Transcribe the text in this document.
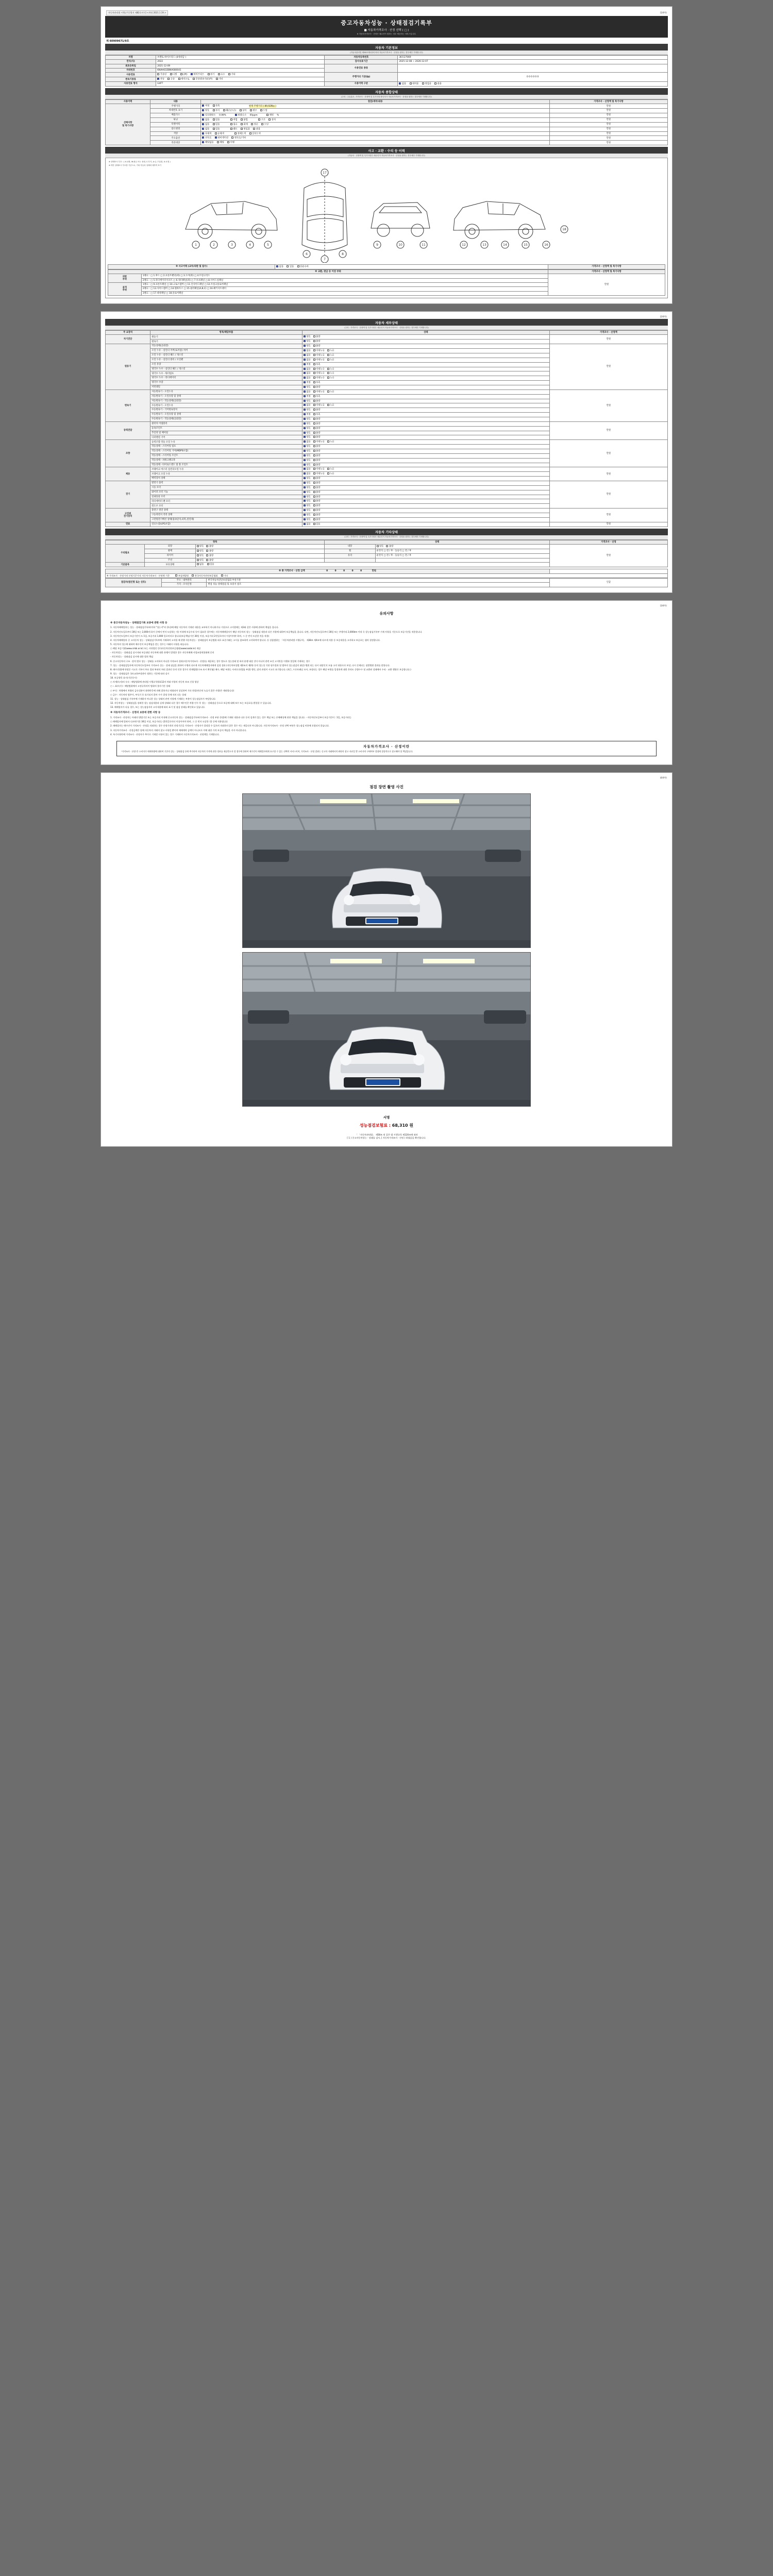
자동차관리법 시행규칙 [별지 제82호서식] <개정 2021.1.19.>	(1/4쪽)
중고자동차성능 · 상태점검기록부
■ 자동차가격조사 · 산정 선택 ( □ )
※ 자동차가격조사 · 산정은 매수인이 원하는 경우 제공하는 서비스입니다.
제 60909671/9호
자동차 기본정보
(자동차관리법 제58조제1항에 따라 자동차가격조사 · 산정을 원하는 경우에만 기재합니다)
차명	쏘렌토 하이브리드 (4세대급 )	자동차등록번호	36호27069
연식(식)	2022	검사유효기간	2025-12-08 ~ 2026-12-07
최초등록일	2021-12-09	사용연료 종류	
차대번호	KNAH61DBNA080041		
사용연료	가솔린 디젤 LPG ✓ 하이브리드 전기 수소 기타	주행거리 기준(㎞)	0 0 0 0 0 0
변속기종류	✓자동 수동 세미오토 무단변속기(CVT) 기타
사용연료 형식	G4FT	사용이력 구분	✓없음 대여용 영업용 관용
자동차 종합상태
(주의 : 주유홈은, 가격조사 · 산정액 및 특기사항 확인자가 자동차가격조사 · 산정을 원하는 경우에만 기재합니다)
사용이력	내용	점검(세부)내용	가격조사 · 산정액 및 특기사항
선택사항
및 특기사항	주행거리	✓적정 부족 현재 주행거리 ( 89,929㎞ )	만원
	차대번호 표기	✓양호 부식 훼손(오손) 상이 변조 도말	만원
	배출가스	✓일산화탄소 0.06% ✓ 탄화수소 05ppm 매연 %	만원
	튜닝	✓없음 있음 적법 불법 구조 장치	만원
	특별이력	✓없음 있음 침수 화재 전손 도난	만원
	용도변경	✓없음 있음 렌트 영업용 관용	만원
	색상	✓무채색 유채색 전체도색 일부도색	만원
	주요옵션	✓선루프 ✓ 내비게이션 썬루프/기타	만원
	리콜대상	✓해당없음 해당 이행	만원
사고 · 교환 · 수리 등 이력
(자동차 · 산정액 및 특기사항은 매수인이 자동차가격조사 · 산정을 원하는 경우에만 기재합니다)
※ 상태표시 부호 : ( X:교환, W:판금 또는 용접, C:부식, A:금, T:흠집, U:요철 )
※ 하단 상태표시 부호를 기준으로, 기타 자동차 상태에 대하여 표기
1	2	3	4	5
6
7
8
9	10	11	12	13	14	15	16
17
18
※ 사고이력 (교차/외판 및 침수)	✓없음	있음	단순수리	가격조사 · 산정액 및 특기사항
※ 교환, 판금 등 이상 부위		가격조사 · 산정액 및 특기사항
외판
부위	1랭크 : □ 1.후드 □ 2.프론트팬더(좌) □ 3.도어(좌) □ 4.트렁크리드	만원
	2랭크 : □ 5.라디에이터서포트 □ 6.쿼터패널(좌) □ 7.루프패널 □ 8.사이드실패널	
골격
부위	1랭크 : □ 9.프론트패널 □ 10.크로스멤버 □ 11.인사이드패널 □ 12.트렁크플로어패널	
	2랭크 : □ 13.사이드멤버 □ 14.휠하우스 □ 15.필러패널(A,B,C) □ 16.패키지트레이	
	3랭크 : □ 17.대쉬패널 □ 18.플로어패널	
(2/4쪽)
자동차 세부상태
(주의 : 가격조사 · 산정액 및 특기사항은 매수인이 자동차가격조사 · 산정을 원하는 경우에만 기재합니다)
주 요장치	항목/해당부품	상태	가격조사 · 산정액
자기진단	원동기	✓양호 불량	만원
	변속기	✓양호 불량
원동기	작동상태(공회전)	✓양호 불량	만원
	오일 누유 - 실린더 커버(로커암) 커버	✓없음 미세누유 누유
	오일 누유 - 실린더 헤드 / 개스킷	✓없음 미세누유 누유
	오일 누유 - 실린더 블록 / 오일팬	✓없음 미세누유 누유
	오일 유량	✓적정 부족
	냉각수 누수 - 실린더 헤드 / 개스킷	✓없음 미세누수 누수
	냉각수 누수 - 워터펌프	✓없음 미세누수 누수
	냉각수 누수 - 라디에이터	✓없음 미세누수 누수
	냉각수 수량	✓적정 부족
	커먼레일	✓양호 불량
변속기	자동변속기 - 오일누유	✓없음 미세누유 누유	만원
	자동변속기 - 오일유량 및 상태	✓적정 부족
	자동변속기 - 작동상태(공회전)	✓양호 불량
	수동변속기 - 오일누유	✓없음 미세누유 누유
	수동변속기 - 기어변속장치	✓양호 불량
	수동변속기 - 오일유량 및 상태	✓적정 부족
	수동변속기 - 작동상태(공회전)	✓양호 불량
동력전달	클러치 어셈블리	✓양호 불량	만원
	등속조인트	✓양호 불량
	추진축 및 베어링	✓양호 불량
	디퍼렌셜 기어	✓양호 불량
조향	동력조향 작동 오일 누유	✓없음 미세누유 누유	만원
	작동상태 - 스티어링 펌프	✓양호 불량
	작동상태 - 스티어링 기어(MDPS포함)	✓양호 불량
	작동상태 - 스티어링 조인트	✓양호 불량
	작동상태 - 파워크랭크축	✓양호 불량
	작동상태 - 타이로드엔드 및 볼 조인트	✓양호 불량
제동	브레이크 마스터 실린더오일 누유	✓없음 미세누유 누유	만원
	브레이크 오일 누유	✓없음 미세누유 누유
	배력장치 상태	✓양호 불량
전기	발전기 출력	✓양호 불량	만원
	시동 모터	✓양호 불량
	와이퍼 모터 기능	✓양호 불량
	실내송풍 모터	✓양호 불량
	라디에이터 팬 모터	✓양호 불량
	윈도우 모터	✓양호 불량
고전원
전기장치	충전구 절연 상태	✓양호 불량	만원
	구동축전지 격리 상태	✓양호 불량
	고전원전기배선 상태(접속단자,피복,절연체)	✓양호 불량
연료	연료누출(LPG포함)	✓없음 있음	만원
자동차 기타상태
(주의 : 가격조사 · 산정액 및 특기사항은 매수인이 자동차가격조사 · 산정을 원하는 경우에만 기재합니다)
항목			상태		가격조사 · 산정
수리필요	외장	양호 불량	내장	양호 불량	만원
	광택	양호 불량	휠	운전석 □ 전 / 후 · 동승석 □ 전 / 후	
	타이어	양호 불량	유리	운전석 □ 전 / 후 · 동승석 □ 전 / 후	
	쿠션	양호 불량			
기본품목	보유상태	없음 있음			
※ 총 가격조사 · 산정 금액	0 0 0 0 0	만원	
※ 가격조사 · 산정가격 산정기준가격 자동차가격조사 · 산정액 기준	보험개발원	한국자동차진단보증협회	기타
점검자(법인명 또는 상호)	주소 · 내부관리	한국자동차진단보증협회 부설기관	인감
	가격 · 조사산정	별첨 성능·상태점검 및 보증서 참조	
(3/4쪽)
유의사항
※ 중고자동차성능 · 상태점검기록 보증에 관한 사항 등

1. 자동차매매업자는 성능 · 상태점검기록부(이하 "성능지"라 한다)에 해당 자동차의 기재된 내용을 교부하기 마니하거나 거짓으로 고지할때는 제3와 같은 사항에 관하여 책임을 집니다.

2. 자동차인도일로부터 30일 또는 2,000키로(이 중에서 먼저 도달하는 것) 이내에 보증수리 등이 필요한 경우에는 자동차매매업자가 해당 자동차의 성능 · 상태점검 내용과 다른 사항에 대하여 보증책임을 집니다. 다만, 자동차인도일로부터 30일 또는 주행거리 2,000km 이내 즉 성능점검기록부 기재 사항을 기준으로 보증기간을 적용합니다.

3. 자동차인도일부터 보증기간이 도 1일, 보증거리 1,000 킬로미터로 합니다(보증책임기간 30일 이상, 보증거리 2천킬로미터 이상이어야 하며, 그 중 먼저 도달한 것을 적용)

4. 자동차매매업자 중 고자동차 성능 · 상태점검기록부에 기재하여 고지될 때 현행 자동차성능 · 상태점검의 보증범위 외로 표준거래는 고시를 참조하여 고지하여야 합니다. 등 상품범위는 「자동차관리법 시행규칙」 제38조 제4조에 다르게 적용 등 보증내용을 고지하고 보증료는 협의 결정합니다.

5. 자동차의 성능에 대하여 매수인이 보증책임을 묻는 경우는 아래의 사항을 따릅니다.

○ 해당 보증기관(www.cmbi.or.kr) 또는 사단법인 한국자동차진단보증협회(www.kadai.kr) 제공

- 자동차성능 · 상태점검 실시자와 보증대상 자동차에 대한 분쟁이 발생한 경우 자동차매매 사업조합연합회에 문의

- 자동차성능 · 상태점검 실시에 대한 법적 책임

6. 중고자동차의 구조 · 장치 별로 성능 · 상태를 고지하지 아니한 가격조사 결과(자동차가격조사 · 산정)를 제공하는 경우 별도로 성능상태 및 하자 분쟁 대상 건이 아니어 관련 조건 고지만을 이행과 불일에 기재하는 경우

7. 성능 · 상태점검일자에 자동차인도일부터 가격조사 성능 · 상태 점검을 위하여 수행과 다르게 자동차매매업자에게 설정 결과 (자동차보상범 제2조의 제2항 등의 성능상 기관 평가결과 및 범주의 성능점검의 대상) 행위 되는 다시 대상인지 모름 고지 내용으로 보상, 다시 문제되는 징벌행위 결과를 말합니다.

8. 매수인(위에 단말문 시고로 기록이 주요 결과 복귀의 처리 결과인 등의 인한 경우로 현재범위(구조 표시 확인됨) 매수, 해당 부위는 사비으로(법률 부위) 행신, 말의 과정이 시고로 표기합니다. (최근, 프론트패널 모사, 보정되는 경우 해당 부위를 일정하게 대한 후라도 중량수수 및 교환된 상태에서 수리 · 교환 행위로 보증합니다.)

9. 성능 · 상태점검은 국토교통부장관이 정하는 기준에 따라 실시

10. 보증항목 표시(기준등시)

○ 자세(숙자)의 숙숙 : 해당범위에 관리법 시행규칙별표12의 차대 사항의 자동차 보조 신청 형상

○ ㄴ표(숙수) : 해당범위에서 고정규칙의이 범위의 불사기간 상태

○ 부식 : 차량에서 차량의 금속성분이 화학반응에 의해 결하거나 약화되어 상실하여 기타 현상(단순히 녹슬기 않은 사항)은 제외합니다)

○ 금수 : 자동차의 범주가, 부식기 등 표기되지 않아 수가 결정 등에 의의 되는 상태

11. 성능 · 상태점검 기록부에 기재하지 아니한 성능 상태의 관련 사항에 기재하는 부분이 성능점검자가 부담합니다.

12. 자동차성능 · 상태점검을 장려한 성능 점검내용과 실제 상태와 다른 경우 매수인은 차량 인수 후 성능 · 상태점검 등으로 보증에 대해 보수 또는 보증료를 환불할 수 있습니다.

13. 매매업자가 다를 경우, 또는 성능점검자의 고지내용에 따라 표기 및 점검 상태를 확인하고 있습니다.

※ 자동차가격조사 · 산정의 보증에 관한 사항 등

1. 가격조사 · 산정자는 아래의 방법기간 또는 보증거리 이내에 중고자동차 성능 · 상태점검기록부(가격조사 · 산정 부분 한정)에 기재된 내용과 다른 등의 설계가 있는 경우 책임 또는 손해배상에 관한 책임을 집니다. - 자동차인도일부터 보증기간이 : 1일, 보증거리는

○ 매매업자에 알려서 다르면기간 30일 이상, 보증거리는 (2천킬로미터 이상이어야 하며, 그 중 먼저 도달한 것) 중에 적용됩니다

2. 매매업자는 매수인이 가격조사 · 산정을 의뢰하는 경우 산정가격의 산정기준을 가격조사 · 산정자가 결정할 수 있으며 의뢰하지 않은 경우 이는 제공되지 아니합니다. 자동차가격조사 · 산정 선택 부분은 성능점검 비용에 포함되지 않습니다.

3. 자동차가격조사 · 산정금액은 당해 자동차의 거래의 참고 사항일 뿐이며 매매계약 금액이 아니므로 이에 대한 가격 보증의 책임을 지지 아니합니다.

4. 특기사항란에 가격조사 · 산정자가 추가로 기재할 사항이 있는 경우 기재하며 자동차가격조사 · 산정액을 기재합니다.

자동차가격조사 · 산정이란
"가격조사 · 산정"은 소비자가 매매차량에 대하여 기존의 성능 · 상태점검 등에 추가하여 자동차의 가격에 관한 정보를 제공받고자 할 경우에 한하여 매수인이 매매업자에게 요구할 수 있는 선택적 서비스이며, 가격조사 · 산정 결과는 중고차 거래에서의 판단의 참고 자료일 뿐 소비자의 구매여부 결정에 결정적으로 참고해야 할 책임입니다.
(4/4쪽)
점검 장면 촬영 사진
서명
성능점검보험료 : 68,310 원
「 「자동차관리법」 제58조 및 같은 법 시행규칙 제120조에 따라
[ 1 ) 중고자동차성능 · 상태를 검사, [ 자동차가격조사 · 산정 ) 하였음을 확인합니다.
